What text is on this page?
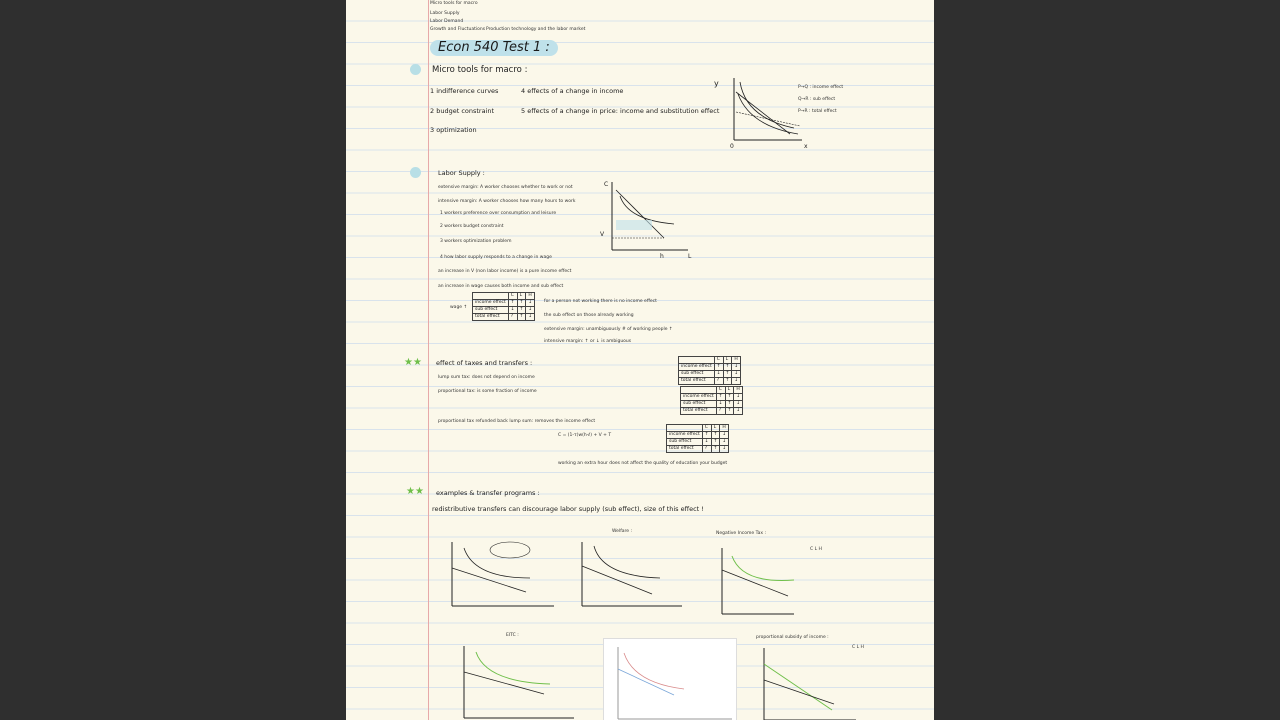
Micro tools for macro
Labor Supply
Labor Demand
Growth and Fluctuations Production technology and the labor market
Econ 540 Test 1 :
Micro tools for macro :
1 indifference curves
2 budget constraint
3 optimization
4 effects of a change in income
5 effects of a change in price: income and substitution effect
y
0	x
P→Q : income effect
Q→R : sub effect
P→R : total effect
Labor Supply :
extensive margin: A worker chooses whether to work or not
intensive margin: A worker chooses how many hours to work
1 workers preference over consumption and leisure
2 workers budget constraint
3 workers optimization problem
4 how labor supply responds to a change in wage
C
V
h	L
an increase in V (non labor income) is a pure income effect
an increase in wage causes both income and sub effect
wage ↑
	C	L	H
income effect	↑	↑	↓
sub effect	↓	↑	↓
total effect	?	↑	↓
for a person not working there is no income effect
the sub effect on those already working
extensive margin: unambiguously # of working people ↑
intensive margin: ↑ or ↓ is ambiguous
★★ effect of taxes and transfers :
lump sum tax: does not depend on income
proportional tax: is some fraction of income
proportional tax refunded back lump sum: removes the income effect
C = (1-τ)w(h-ℓ) + V + T
working an extra hour does not affect the quality of education your budget
	C	L	H
income effect	↑	↑	↓
sub effect	↓	↑	↓
total effect	?	↑	↓
	C	L	H
income effect	↑	↑	↓
sub effect	↓	↑	↓
total effect	?	↑	↓
	C	L	H
income effect	↑	↑	↓
sub effect	↓	↑	↓
total effect	?	↑	↓
★★ examples & transfer programs :
redistributive transfers can discourage labor supply (sub effect), size of this effect !
Welfare :	Negative Income Tax :
EITC :	proportional subsidy of income :
C L H
C L H
